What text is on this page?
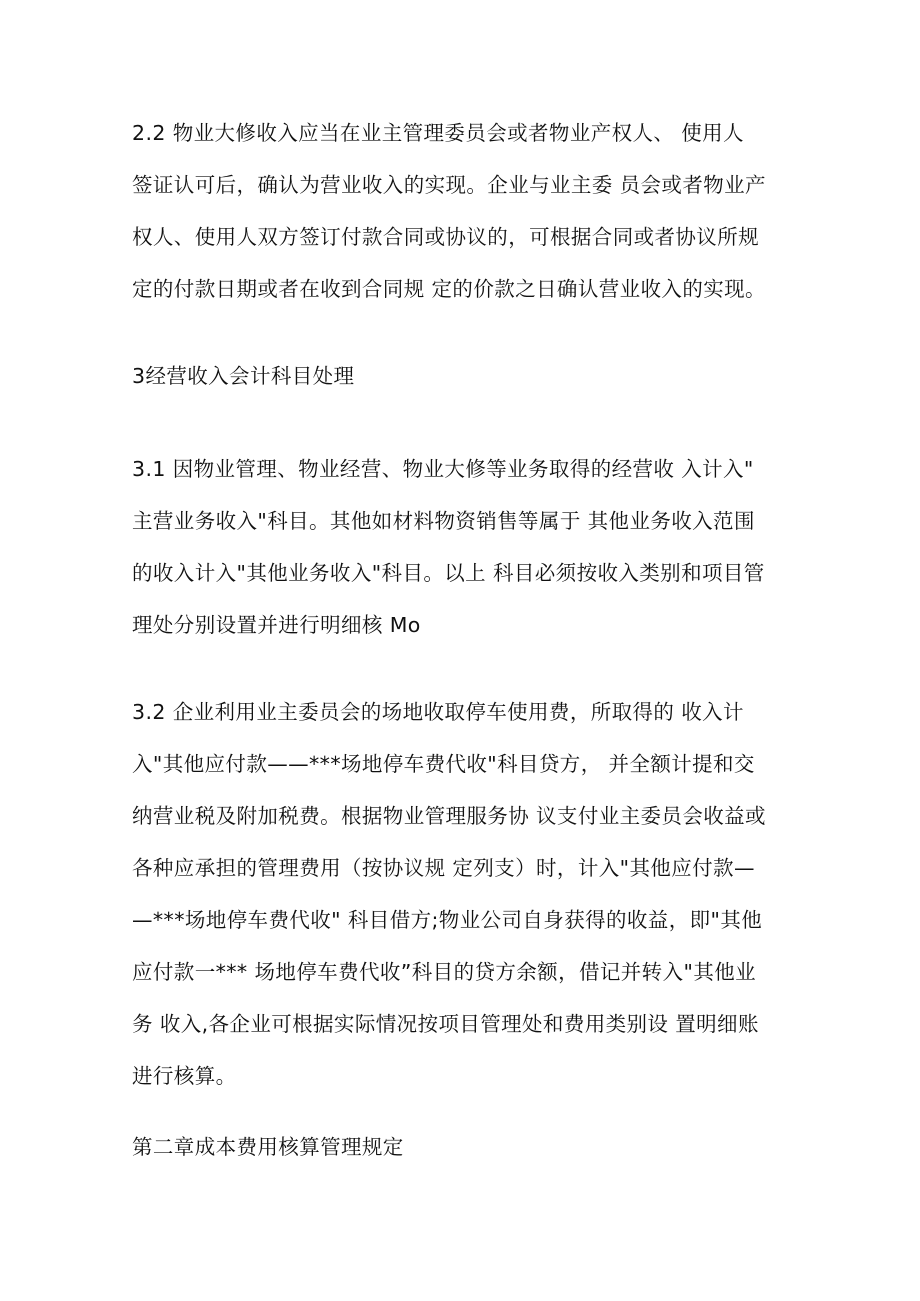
2.2 物业大修收入应当在业主管理委员会或者物业产权人、 使用人
签证认可后，确认为营业收入的实现。企业与业主委 员会或者物业产
权人、使用人双方签订付款合同或协议的，可根据合同或者协议所规
定的付款日期或者在收到合同规 定的价款之日确认营业收入的实现。
3经营收入会计科目处理
3.1 因物业管理、物业经营、物业大修等业务取得的经营收 入计入"
主营业务收入"科目。其他如材料物资销售等属于 其他业务收入范围
的收入计入"其他业务收入"科目。以上 科目必须按收入类别和项目管
理处分别设置并进行明细核 Mo
3.2 企业利用业主委员会的场地收取停车使用费，所取得的 收入计
入"其他应付款——***场地停车费代收"科目贷方， 并全额计提和交
纳营业税及附加税费。根据物业管理服务协 议支付业主委员会收益或
各种应承担的管理费用（按协议规 定列支）时，计入"其他应付款—
—***场地停车费代收" 科目借方;物业公司自身获得的收益，即"其他
应付款一*** 场地停车费代收”科目的贷方余额，借记并转入"其他业
务 收入,各企业可根据实际情况按项目管理处和费用类别设 置明细账
进行核算。
第二章成本费用核算管理规定
